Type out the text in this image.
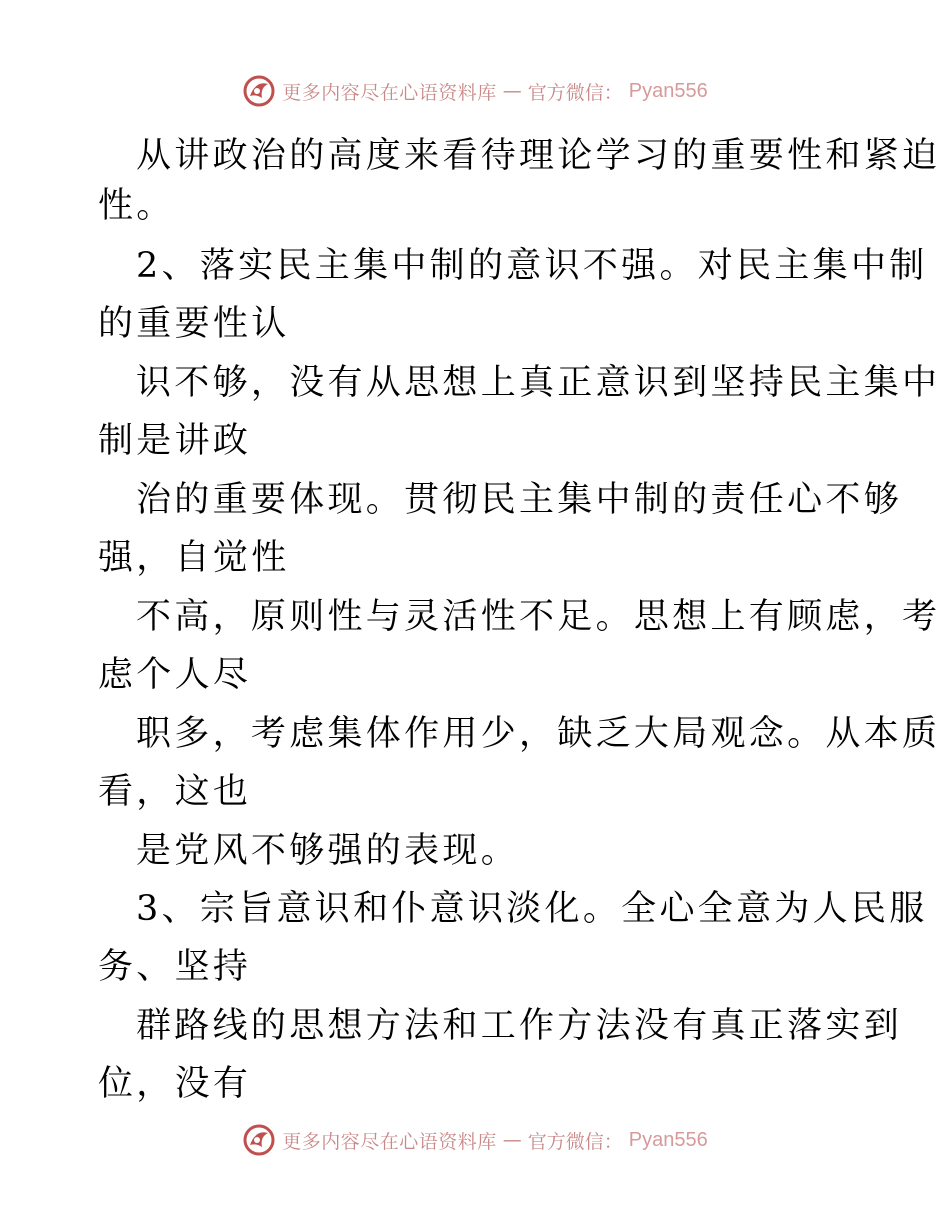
更多内容尽在心语资料库 — 官方微信： Pyan556
从讲政治的高度来看待理论学习的重要性和紧迫
性。
2、落实民主集中制的意识不强。对民主集中制
的重要性认
识不够，没有从思想上真正意识到坚持民主集中
制是讲政
治的重要体现。贯彻民主集中制的责任心不够
强，自觉性
不高，原则性与灵活性不足。思想上有顾虑，考
虑个人尽
职多，考虑集体作用少，缺乏大局观念。从本质
看，这也
是党风不够强的表现。
3、宗旨意识和仆意识淡化。全心全意为人民服
务、坚持
群路线的思想方法和工作方法没有真正落实到
位，没有
更多内容尽在心语资料库 — 官方微信： Pyan556
